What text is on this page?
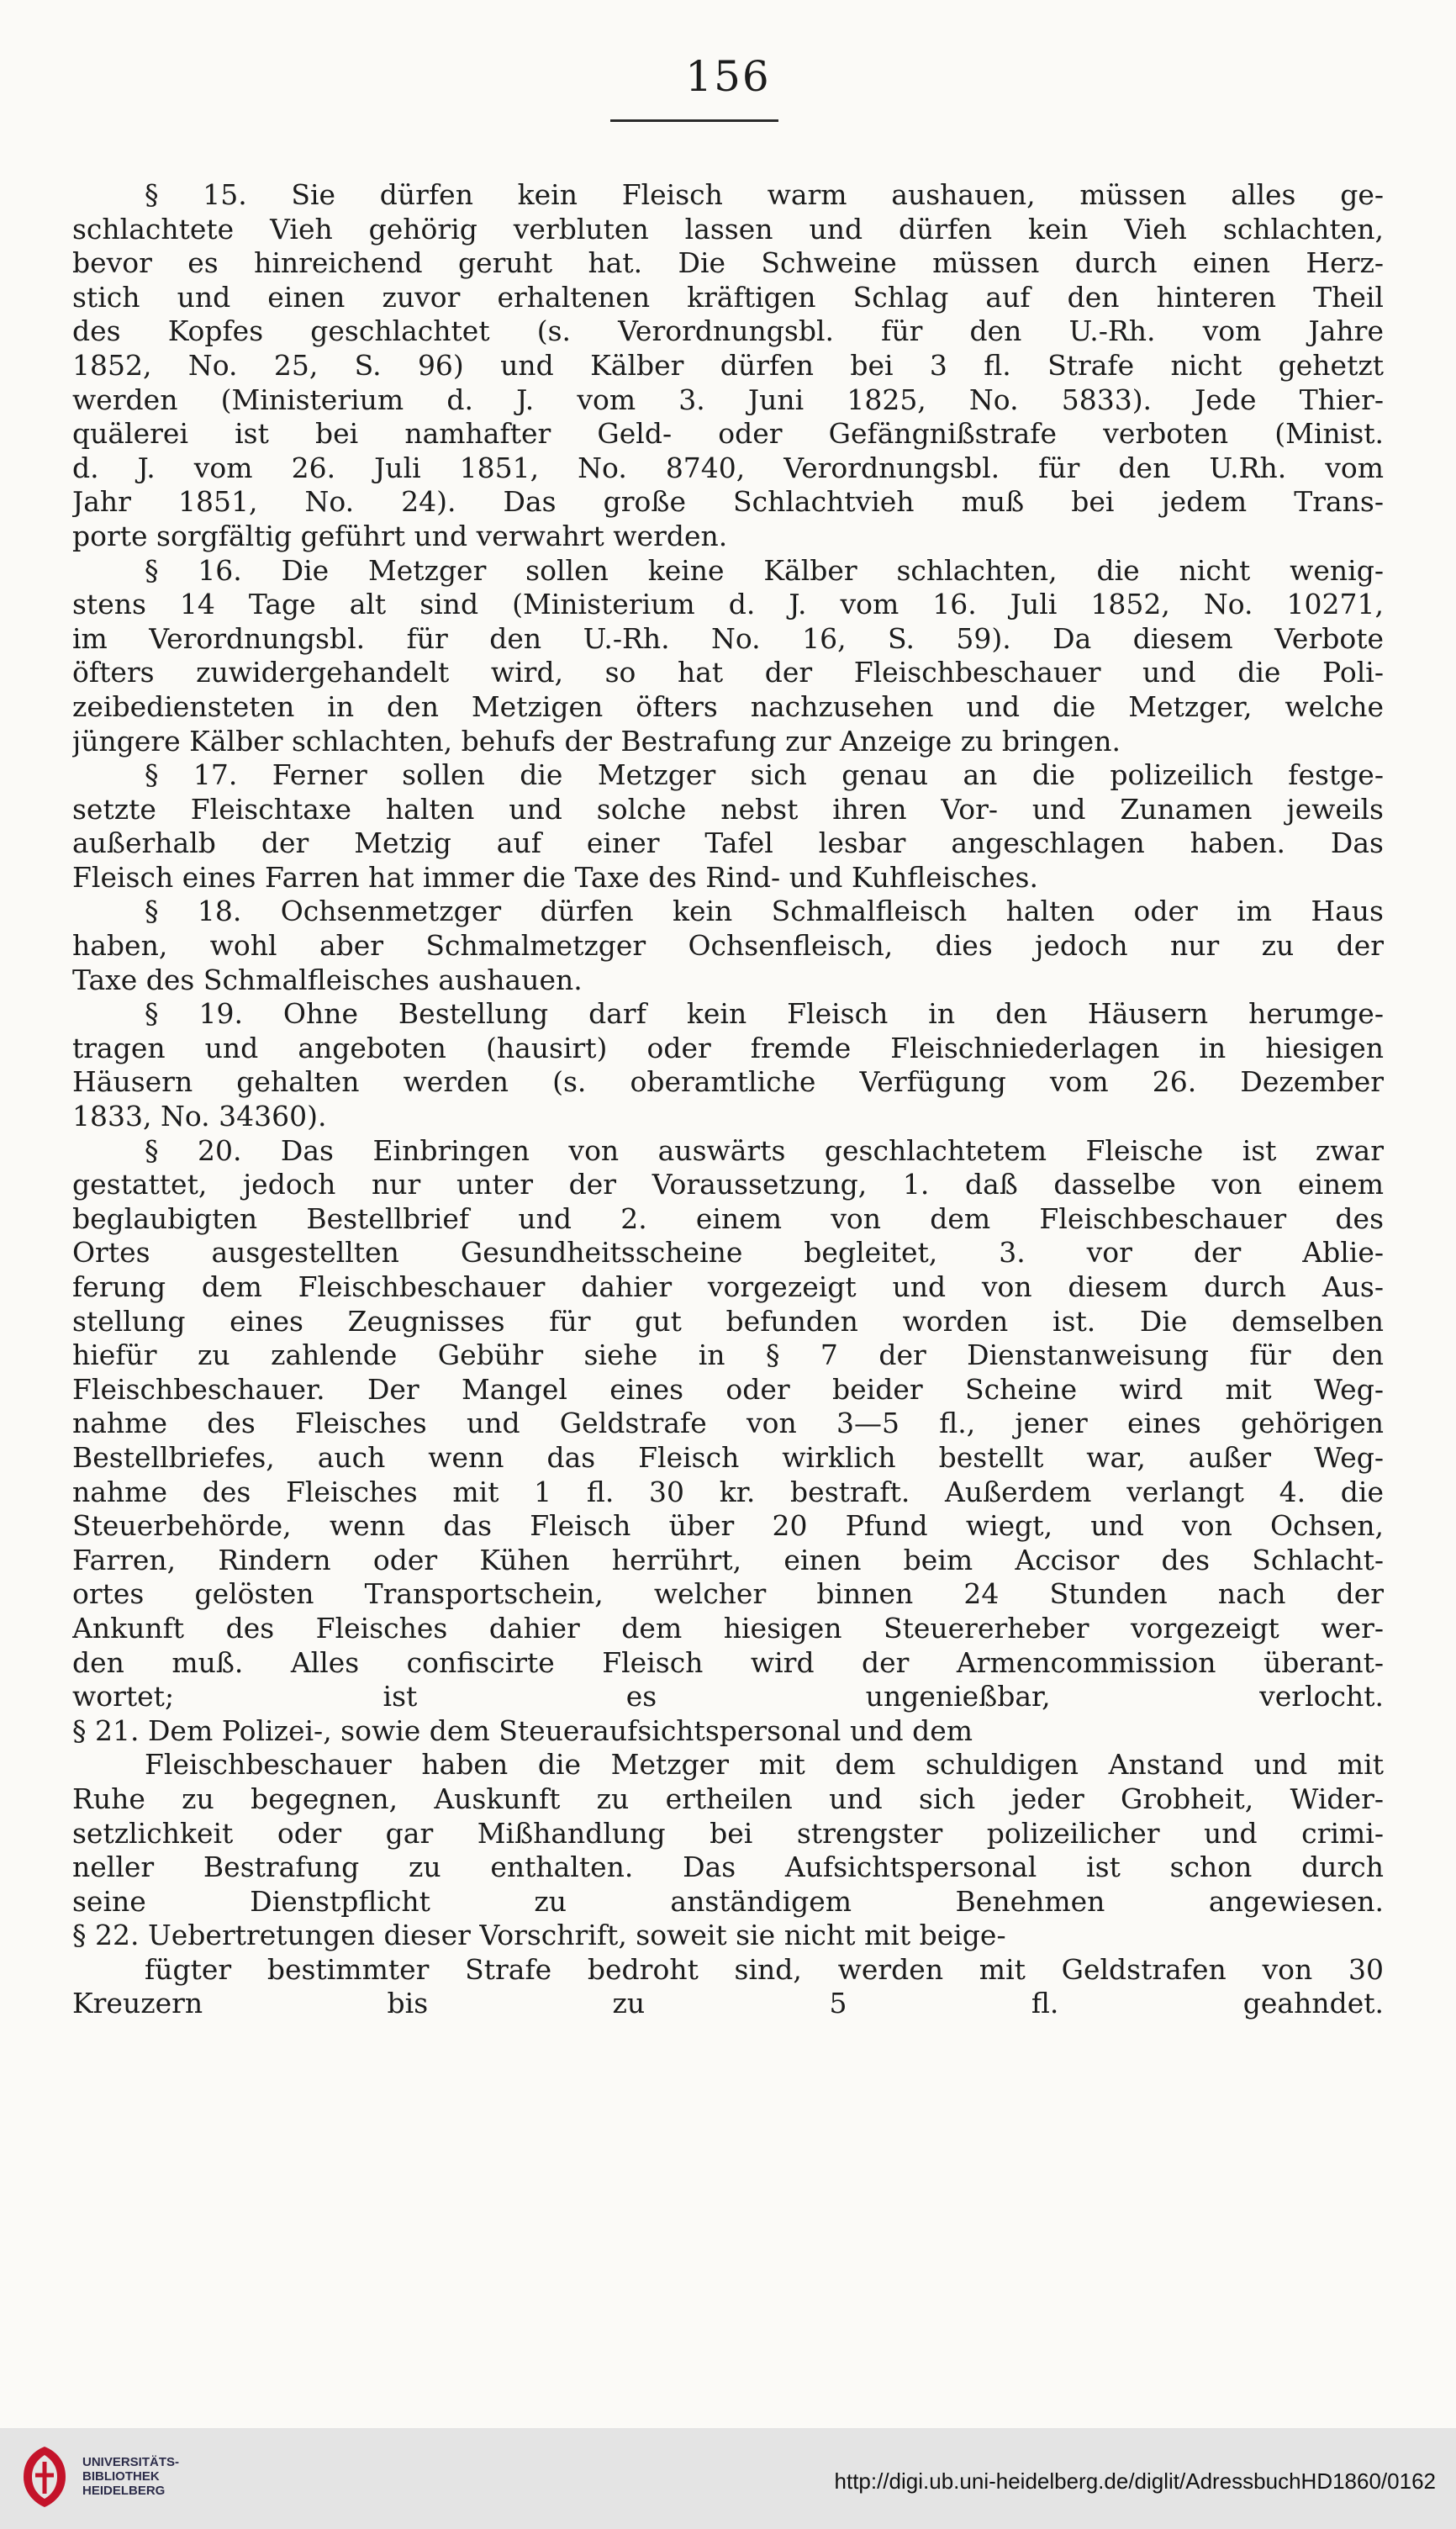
156
§ 15. Sie dürfen kein Fleisch warm aushauen, müssen alles ge-
schlachtete Vieh gehörig verbluten lassen und dürfen kein Vieh schlachten,
bevor es hinreichend geruht hat. Die Schweine müssen durch einen Herz-
stich und einen zuvor erhaltenen kräftigen Schlag auf den hinteren Theil
des Kopfes geschlachtet (s. Verordnungsbl. für den U.-Rh. vom Jahre
1852, No. 25, S. 96) und Kälber dürfen bei 3 fl. Strafe nicht gehetzt
werden (Ministerium d. J. vom 3. Juni 1825, No. 5833). Jede Thier-
quälerei ist bei namhafter Geld- oder Gefängnißstrafe verboten (Minist.
d. J. vom 26. Juli 1851, No. 8740, Verordnungsbl. für den U.Rh. vom
Jahr 1851, No. 24). Das große Schlachtvieh muß bei jedem Trans-
porte sorgfältig geführt und verwahrt werden.
§ 16. Die Metzger sollen keine Kälber schlachten, die nicht wenig-
stens 14 Tage alt sind (Ministerium d. J. vom 16. Juli 1852, No. 10271,
im Verordnungsbl. für den U.-Rh. No. 16, S. 59). Da diesem Verbote
öfters zuwidergehandelt wird, so hat der Fleischbeschauer und die Poli-
zeibediensteten in den Metzigen öfters nachzusehen und die Metzger, welche
jüngere Kälber schlachten, behufs der Bestrafung zur Anzeige zu bringen.
§ 17. Ferner sollen die Metzger sich genau an die polizeilich festge-
setzte Fleischtaxe halten und solche nebst ihren Vor- und Zunamen jeweils
außerhalb der Metzig auf einer Tafel lesbar angeschlagen haben. Das
Fleisch eines Farren hat immer die Taxe des Rind- und Kuhfleisches.
§ 18. Ochsenmetzger dürfen kein Schmalfleisch halten oder im Haus
haben, wohl aber Schmalmetzger Ochsenfleisch, dies jedoch nur zu der
Taxe des Schmalfleisches aushauen.
§ 19. Ohne Bestellung darf kein Fleisch in den Häusern herumge-
tragen und angeboten (hausirt) oder fremde Fleischniederlagen in hiesigen
Häusern gehalten werden (s. oberamtliche Verfügung vom 26. Dezember
1833, No. 34360).
§ 20. Das Einbringen von auswärts geschlachtetem Fleische ist zwar
gestattet, jedoch nur unter der Voraussetzung, 1. daß dasselbe von einem
beglaubigten Bestellbrief und 2. einem von dem Fleischbeschauer des
Ortes ausgestellten Gesundheitsscheine begleitet, 3. vor der Ablie-
ferung dem Fleischbeschauer dahier vorgezeigt und von diesem durch Aus-
stellung eines Zeugnisses für gut befunden worden ist. Die demselben
hiefür zu zahlende Gebühr siehe in § 7 der Dienstanweisung für den
Fleischbeschauer. Der Mangel eines oder beider Scheine wird mit Weg-
nahme des Fleisches und Geldstrafe von 3—5 fl., jener eines gehörigen
Bestellbriefes, auch wenn das Fleisch wirklich bestellt war, außer Weg-
nahme des Fleisches mit 1 fl. 30 kr. bestraft. Außerdem verlangt 4. die
Steuerbehörde, wenn das Fleisch über 20 Pfund wiegt, und von Ochsen,
Farren, Rindern oder Kühen herrührt, einen beim Accisor des Schlacht-
ortes gelösten Transportschein, welcher binnen 24 Stunden nach der
Ankunft des Fleisches dahier dem hiesigen Steuererheber vorgezeigt wer-
den muß. Alles confiscirte Fleisch wird der Armencommission überant-
wortet; ist es ungenießbar, verlocht.
§ 21. Dem Polizei-, sowie dem Steueraufsichtspersonal und dem
Fleischbeschauer haben die Metzger mit dem schuldigen Anstand und mit
Ruhe zu begegnen, Auskunft zu ertheilen und sich jeder Grobheit, Wider-
setzlichkeit oder gar Mißhandlung bei strengster polizeilicher und crimi-
neller Bestrafung zu enthalten. Das Aufsichtspersonal ist schon durch
seine Dienstpflicht zu anständigem Benehmen angewiesen.
§ 22. Uebertretungen dieser Vorschrift, soweit sie nicht mit beige-
fügter bestimmter Strafe bedroht sind, werden mit Geldstrafen von 30
Kreuzern bis zu 5 fl. geahndet.
UNIVERSITÄTS-
BIBLIOTHEK
HEIDELBERG	http://digi.ub.uni-heidelberg.de/diglit/AdressbuchHD1860/0162
